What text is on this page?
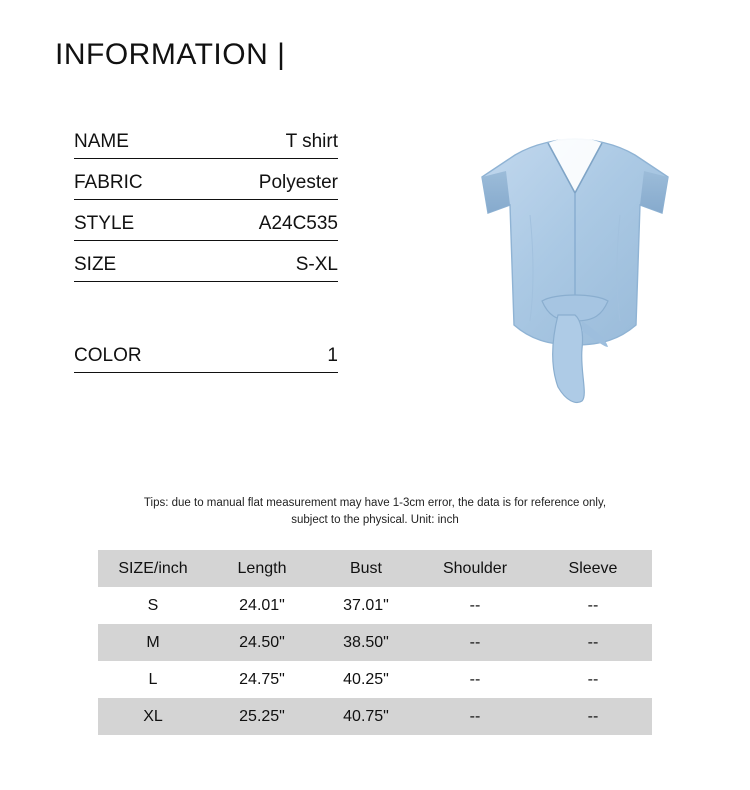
INFORMATION |
NAME	T shirt
FABRIC	Polyester
STYLE	A24C535
SIZE	S-XL
COLOR	1
Tips: due to manual flat measurement may have 1-3cm error, the data is for reference only,
subject to the physical. Unit: inch
SIZE/inch	Length	Bust	Shoulder	Sleeve
S	24.01"	37.01"	--	--
M	24.50"	38.50"	--	--
L	24.75"	40.25"	--	--
XL	25.25"	40.75"	--	--
